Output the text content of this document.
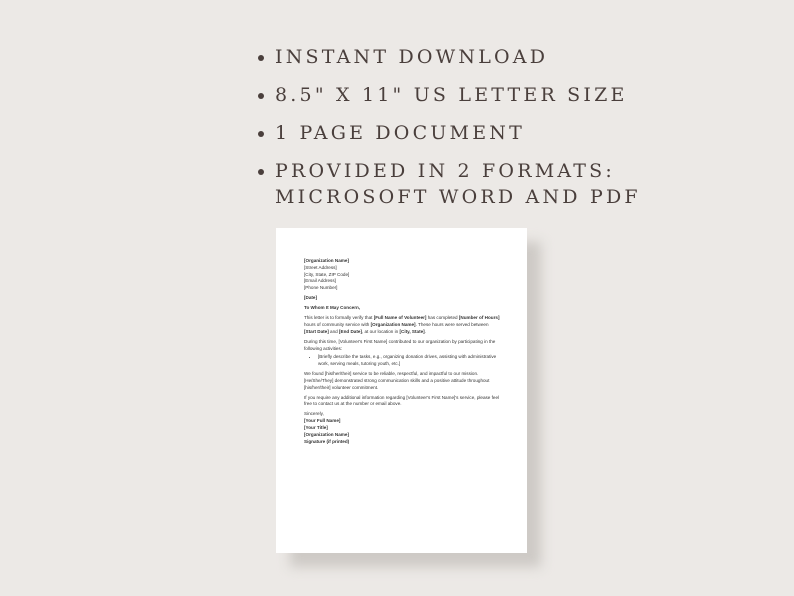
INSTANT DOWNLOAD
8.5" X 11" US LETTER SIZE
1 PAGE DOCUMENT
PROVIDED IN 2 FORMATS:
MICROSOFT WORD AND PDF

[Organization Name]

[Street Address]

[City, State, ZIP Code]

[Email Address]

[Phone Number]

[Date]

To Whom It May Concern,

This letter is to formally verify that [Full Name of Volunteer] has completed [Number of Hours] hours of community service with [Organization Name]. These hours were served between [Start Date] and [End Date], at our location in [City, State].

During this time, [Volunteer's First Name] contributed to our organization by participating in the following activities:

• [Briefly describe the tasks, e.g., organizing donation drives, assisting with administrative work, serving meals, tutoring youth, etc.]

We found [his/her/their] service to be reliable, respectful, and impactful to our mission. [He/She/They] demonstrated strong communication skills and a positive attitude throughout [his/her/their] volunteer commitment.

If you require any additional information regarding [Volunteer's First Name]'s service, please feel free to contact us at the number or email above.

Sincerely,

[Your Full Name]

[Your Title]

[Organization Name]

Signature (if printed)
